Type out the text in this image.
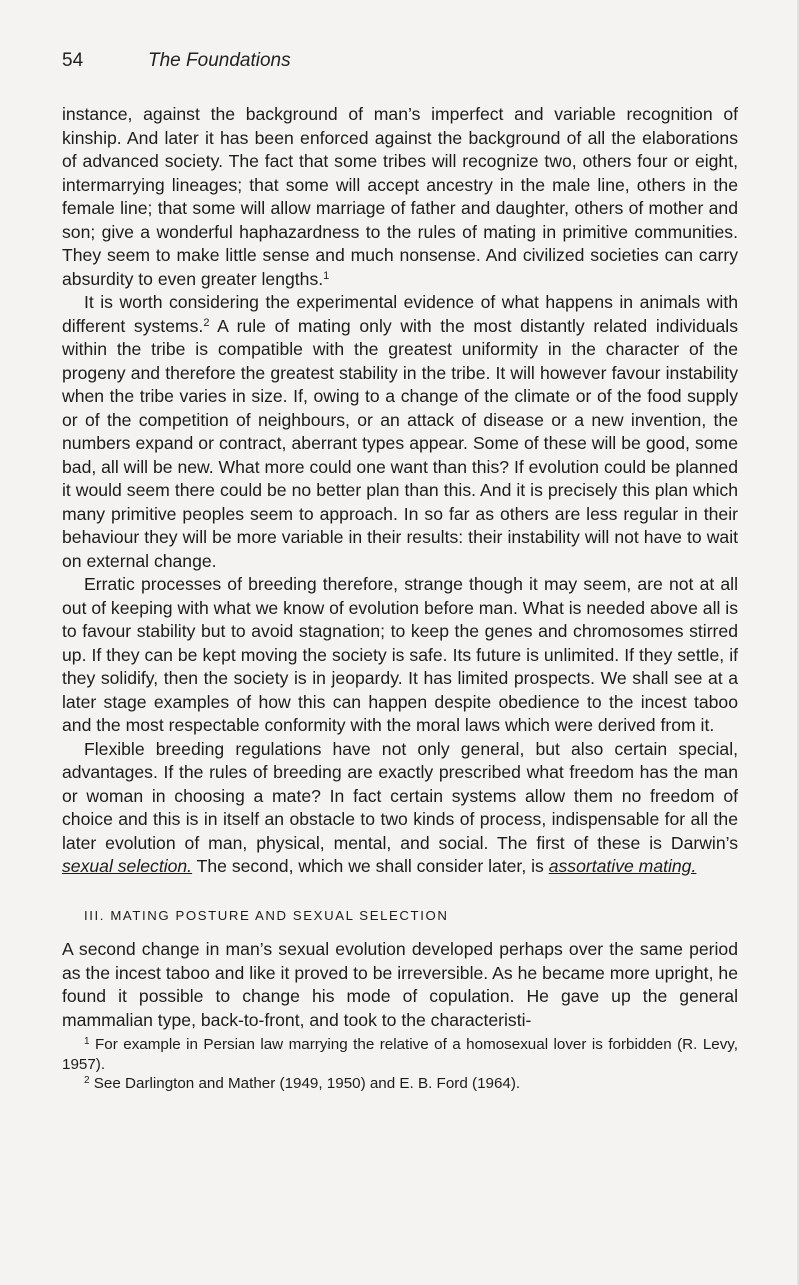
54	The Foundations

instance, against the background of man’s imperfect and variable recognition of kinship. And later it has been enforced against the background of all the elaborations of advanced society. The fact that some tribes will recognize two, others four or eight, intermarrying lineages; that some will accept ancestry in the male line, others in the female line; that some will allow marriage of father and daughter, others of mother and son; give a wonderful haphazardness to the rules of mating in primitive communities. They seem to make little sense and much nonsense. And civilized societies can carry absurdity to even greater lengths.$^1$

It is worth considering the experimental evidence of what happens in animals with different systems.$^2$ A rule of mating only with the most distantly related individuals within the tribe is compatible with the greatest uniformity in the character of the progeny and therefore the greatest stability in the tribe. It will however favour instability when the tribe varies in size. If, owing to a change of the climate or of the food supply or of the competition of neighbours, or an attack of disease or a new invention, the numbers expand or contract, aberrant types appear. Some of these will be good, some bad, all will be new. What more could one want than this? If evolution could be planned it would seem there could be no better plan than this. And it is precisely this plan which many primitive peoples seem to approach. In so far as others are less regular in their behaviour they will be more variable in their results: their instability will not have to wait on external change.

Erratic processes of breeding therefore, strange though it may seem, are not at all out of keeping with what we know of evolution before man. What is needed above all is to favour stability but to avoid stagnation; to keep the genes and chromosomes stirred up. If they can be kept moving the society is safe. Its future is unlimited. If they settle, if they solidify, then the society is in jeopardy. It has limited prospects. We shall see at a later stage examples of how this can happen despite obedience to the incest taboo and the most respectable conformity with the moral laws which were derived from it.

Flexible breeding regulations have not only general, but also certain special, advantages. If the rules of breeding are exactly prescribed what freedom has the man or woman in choosing a mate? In fact certain systems allow them no freedom of choice and this is in itself an obstacle to two kinds of process, indispensable for all the later evolution of man, physical, mental, and social. The first of these is Darwin’s sexual selection. The second, which we shall consider later, is assortative mating.

III. MATING POSTURE AND SEXUAL SELECTION

A second change in man’s sexual evolution developed perhaps over the same period as the incest taboo and like it proved to be irreversible. As he became more upright, he found it possible to change his mode of copulation. He gave up the general mammalian type, back-to-front, and took to the characteristi-

$^1$ For example in Persian law marrying the relative of a homosexual lover is forbidden (R. Levy, 1957).

$^2$ See Darlington and Mather (1949, 1950) and E. B. Ford (1964).
